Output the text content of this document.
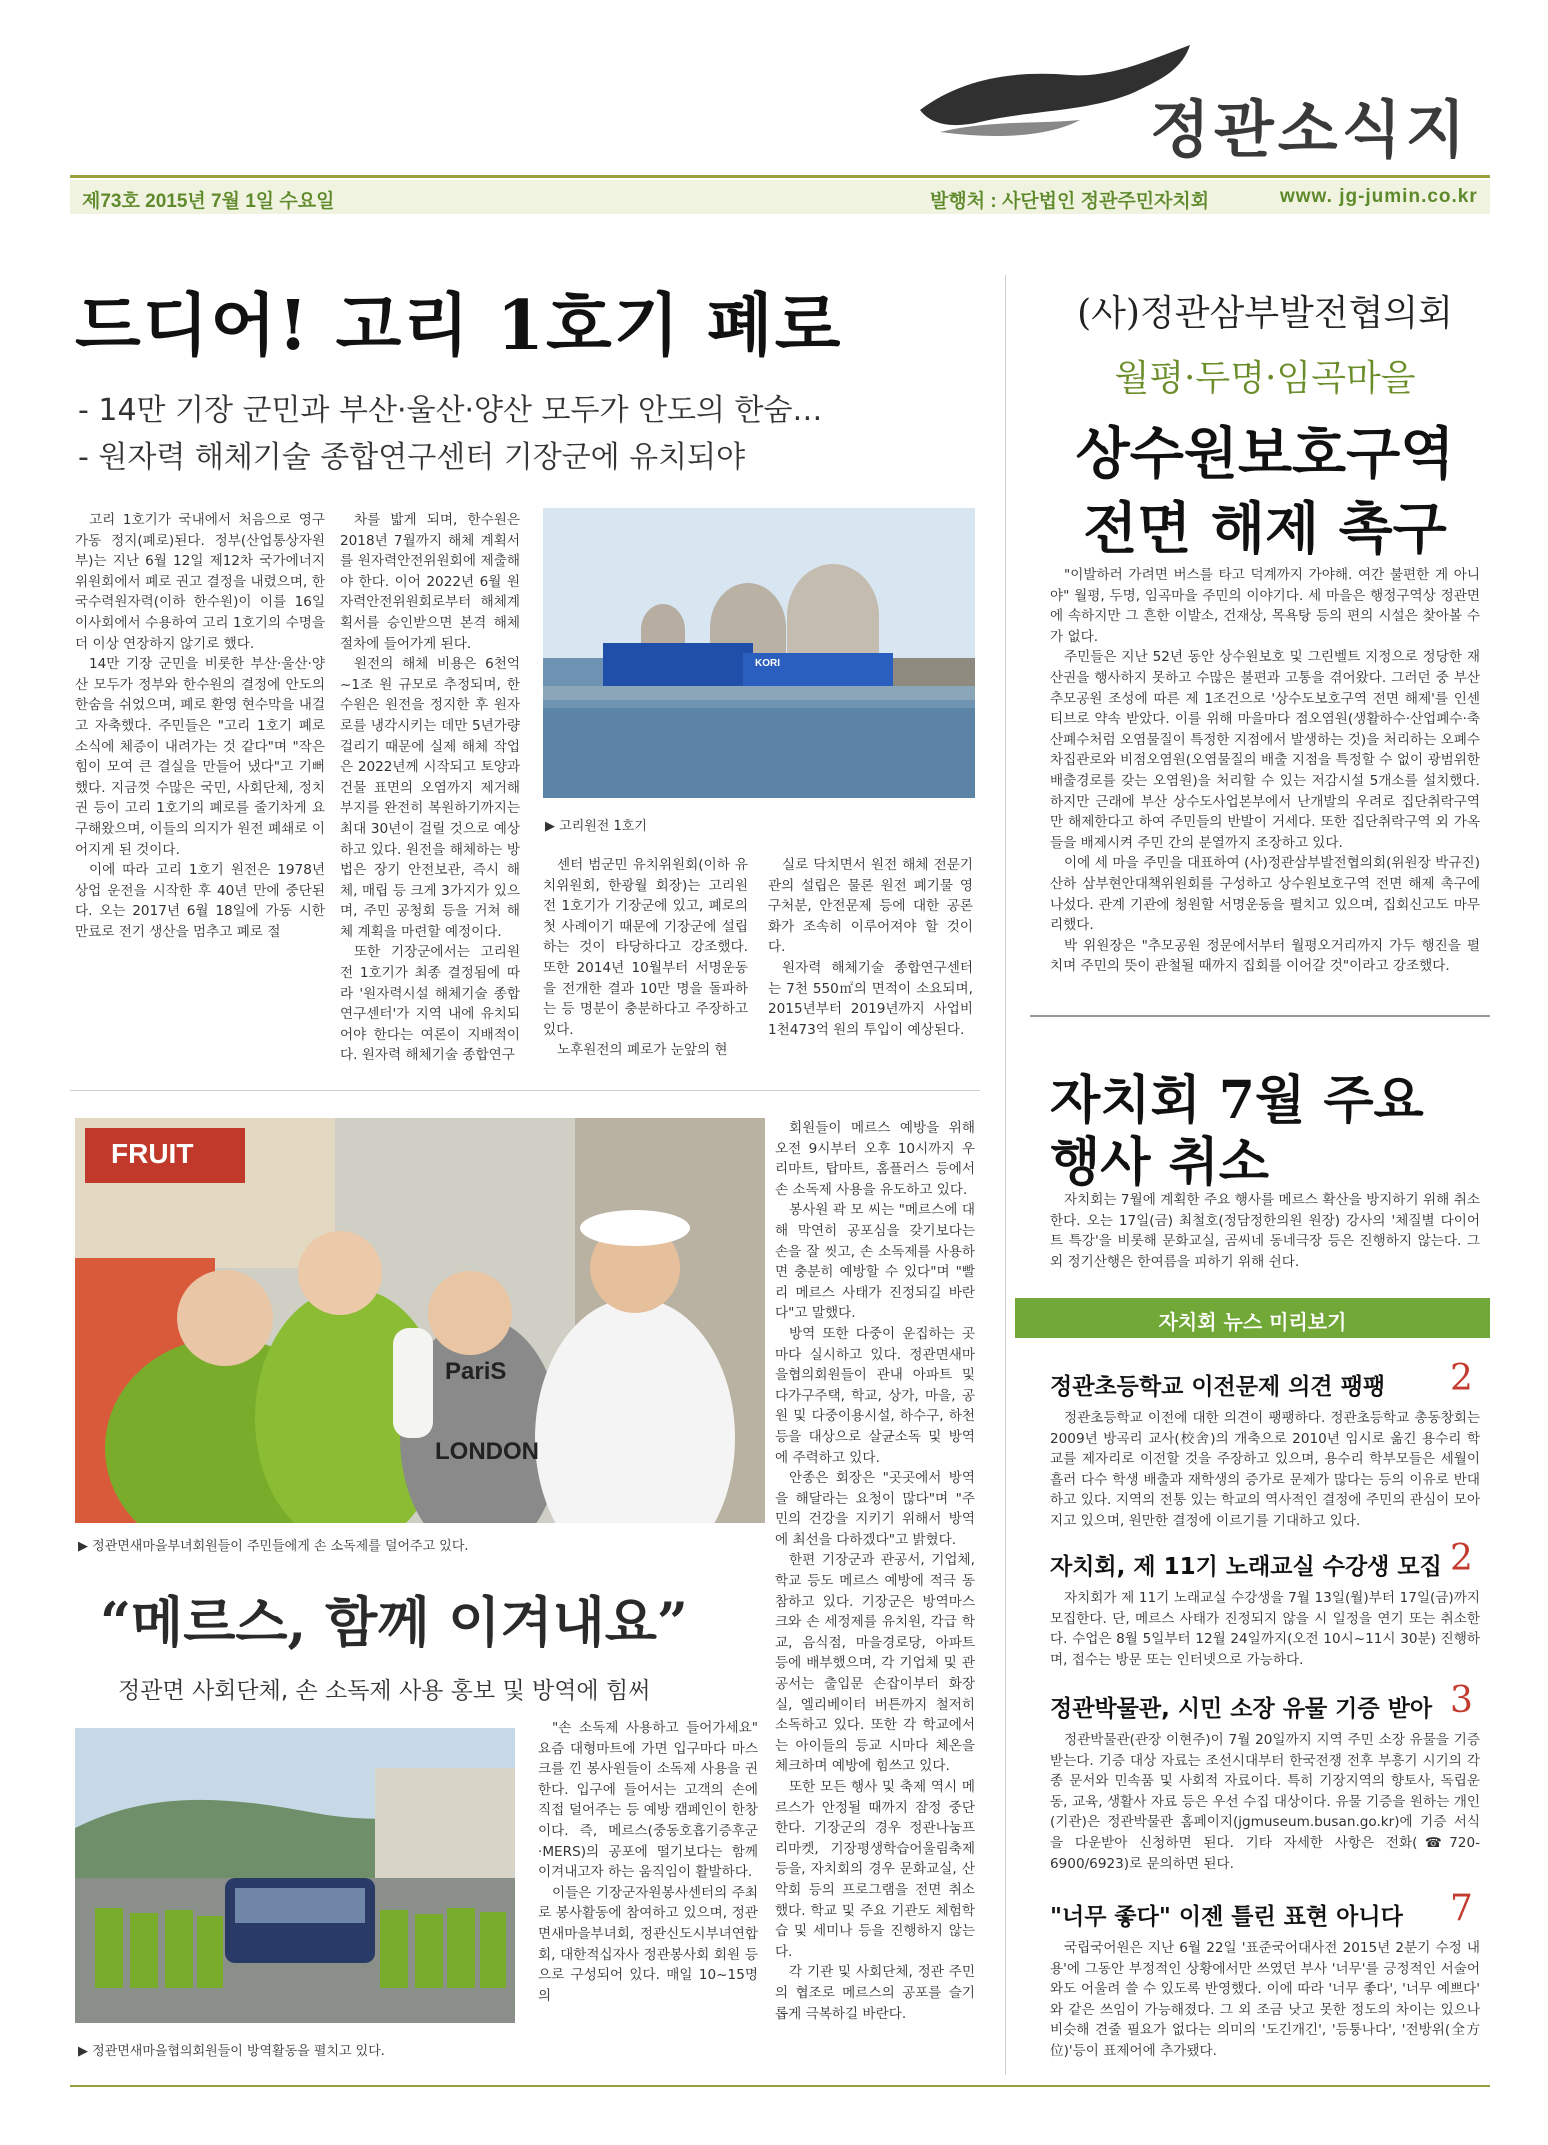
정관소식지
제73호 2015년 7월 1일 수요일	발행처 : 사단법인 정관주민자치회	www. jg-jumin.co.kr
드디어! 고리 1호기 폐로
- 14만 기장 군민과 부산·울산·양산 모두가 안도의 한숨…
- 원자력 해체기술 종합연구센터 기장군에 유치되야

고리 1호기가 국내에서 처음으로 영구 가동 정지(폐로)된다. 정부(산업통상자원부)는 지난 6월 12일 제12차 국가에너지위원회에서 폐로 권고 결정을 내렸으며, 한국수력원자력(이하 한수원)이 이를 16일 이사회에서 수용하여 고리 1호기의 수명을 더 이상 연장하지 않기로 했다.

14만 기장 군민을 비롯한 부산·울산·양산 모두가 정부와 한수원의 결정에 안도의 한숨을 쉬었으며, 폐로 환영 현수막을 내걸고 자축했다. 주민들은 "고리 1호기 폐로 소식에 체증이 내려가는 것 같다"며 "작은 힘이 모여 큰 결실을 만들어 냈다"고 기뻐했다. 지금껏 수많은 국민, 사회단체, 정치권 등이 고리 1호기의 폐로를 줄기차게 요구해왔으며, 이들의 의지가 원전 폐쇄로 이어지게 된 것이다.

이에 따라 고리 1호기 원전은 1978년 상업 운전을 시작한 후 40년 만에 중단된다. 오는 2017년 6월 18일에 가동 시한 만료로 전기 생산을 멈추고 폐로 절

차를 밟게 되며, 한수원은 2018년 7월까지 해체 계획서를 원자력안전위원회에 제출해야 한다. 이어 2022년 6월 원자력안전위원회로부터 해체계획서를 승인받으면 본격 해체 절차에 들어가게 된다.

원전의 해체 비용은 6천억~1조 원 규모로 추정되며, 한수원은 원전을 정지한 후 원자로를 냉각시키는 데만 5년가량 걸리기 때문에 실제 해체 작업은 2022년께 시작되고 토양과 건물 표면의 오염까지 제거해 부지를 완전히 복원하기까지는 최대 30년이 걸릴 것으로 예상하고 있다. 원전을 해체하는 방법은 장기 안전보관, 즉시 해체, 매립 등 크게 3가지가 있으며, 주민 공청회 등을 거쳐 해체 계획을 마련할 예정이다.

또한 기장군에서는 고리원전 1호기가 최종 결정됨에 따라 '원자력시설 해체기술 종합연구센터'가 지역 내에 유치되어야 한다는 여론이 지배적이다. 원자력 해체기술 종합연구

KORI
▶ 고리원전 1호기

센터 범군민 유치위원회(이하 유치위원회, 한광월 회장)는 고리원전 1호기가 기장군에 있고, 폐로의 첫 사례이기 때문에 기장군에 설립하는 것이 타당하다고 강조했다. 또한 2014년 10월부터 서명운동을 전개한 결과 10만 명을 돌파하는 등 명분이 충분하다고 주장하고 있다.

노후원전의 폐로가 눈앞의 현

실로 닥치면서 원전 해체 전문기관의 설립은 물론 원전 폐기물 영구처분, 안전문제 등에 대한 공론화가 조속히 이루어져야 할 것이다.

원자력 해체기술 종합연구센터는 7천 550㎡의 면적이 소요되며, 2015년부터 2019년까지 사업비 1천473억 원의 투입이 예상된다.

(사)정관삼부발전협의회
월평·두명·임곡마을
상수원보호구역
전면 해제 촉구

"이발하러 가려면 버스를 타고 덕계까지 가야해. 여간 불편한 게 아니야" 월평, 두명, 임곡마을 주민의 이야기다. 세 마을은 행정구역상 정관면에 속하지만 그 흔한 이발소, 건재상, 목욕탕 등의 편의 시설은 찾아볼 수가 없다.

주민들은 지난 52년 동안 상수원보호 및 그린벨트 지정으로 정당한 재산권을 행사하지 못하고 수많은 불편과 고통을 겪어왔다. 그러던 중 부산추모공원 조성에 따른 제 1조건으로 '상수도보호구역 전면 해제'를 인센티브로 약속 받았다. 이를 위해 마을마다 점오염원(생활하수·산업폐수·축산폐수처럼 오염물질이 특정한 지점에서 발생하는 것)을 처리하는 오폐수 차집관로와 비점오염원(오염물질의 배출 지점을 특정할 수 없이 광범위한 배출경로를 갖는 오염원)을 처리할 수 있는 저감시설 5개소를 설치했다. 하지만 근래에 부산 상수도사업본부에서 난개발의 우려로 집단취락구역만 해제한다고 하여 주민들의 반발이 거세다. 또한 집단취락구역 외 가옥들을 배제시켜 주민 간의 분열까지 조장하고 있다.

이에 세 마을 주민을 대표하여 (사)정관삼부발전협의회(위원장 박규진) 산하 삼부현안대책위원회를 구성하고 상수원보호구역 전면 해제 촉구에 나섰다. 관계 기관에 청원할 서명운동을 펼치고 있으며, 집회신고도 마무리했다.

박 위원장은 "추모공원 정문에서부터 월평오거리까지 가두 행진을 펼치며 주민의 뜻이 관철될 때까지 집회를 이어갈 것"이라고 강조했다.

자치회 7월 주요
행사 취소

자치회는 7월에 계획한 주요 행사를 메르스 확산을 방지하기 위해 취소한다. 오는 17일(금) 최철호(정담정한의원 원장) 강사의 '체질별 다이어트 특강'을 비롯해 문화교실, 곰씨네 동네극장 등은 진행하지 않는다. 그 외 정기산행은 한여름을 피하기 위해 쉰다.

자치회 뉴스 미리보기
정관초등학교 이전문제 의견 팽팽 2

정관초등학교 이전에 대한 의견이 팽팽하다. 정관초등학교 총동창회는 2009년 방곡리 교사(校舍)의 개축으로 2010년 임시로 옮긴 용수리 학교를 제자리로 이전할 것을 주장하고 있으며, 용수리 학부모들은 세월이 흘러 다수 학생 배출과 재학생의 증가로 문제가 많다는 등의 이유로 반대하고 있다. 지역의 전통 있는 학교의 역사적인 결정에 주민의 관심이 모아지고 있으며, 원만한 결정에 이르기를 기대하고 있다.

자치회, 제 11기 노래교실 수강생 모집 2

자치회가 제 11기 노래교실 수강생을 7월 13일(월)부터 17일(금)까지 모집한다. 단, 메르스 사태가 진정되지 않을 시 일정을 연기 또는 취소한다. 수업은 8월 5일부터 12월 24일까지(오전 10시~11시 30분) 진행하며, 접수는 방문 또는 인터넷으로 가능하다.

정관박물관, 시민 소장 유물 기증 받아 3

정관박물관(관장 이현주)이 7월 20일까지 지역 주민 소장 유물을 기증받는다. 기증 대상 자료는 조선시대부터 한국전쟁 전후 부흥기 시기의 각종 문서와 민속품 및 사회적 자료이다. 특히 기장지역의 향토사, 독립운동, 교육, 생활사 자료 등은 우선 수집 대상이다. 유물 기증을 원하는 개인(기관)은 정관박물관 홈페이지(jgmuseum.busan.go.kr)에 기증 서식을 다운받아 신청하면 된다. 기타 자세한 사항은 전화(☎720-6900/6923)로 문의하면 된다.

"너무 좋다" 이젠 틀린 표현 아니다 7

국립국어원은 지난 6월 22일 '표준국어대사전 2015년 2분기 수정 내용'에 그동안 부정적인 상황에서만 쓰였던 부사 '너무'를 긍정적인 서술어와도 어울려 쓸 수 있도록 반영했다. 이에 따라 '너무 좋다', '너무 예쁘다' 와 같은 쓰임이 가능해졌다. 그 외 조금 낫고 못한 정도의 차이는 있으나 비슷해 견줄 필요가 없다는 의미의 '도긴개긴', '등퉁나다', '전방위(全方位)'등이 표제어에 추가됐다.

FRUIT
PariS
LONDON
▶ 정관면새마을부녀회원들이 주민들에게 손 소독제를 덜어주고 있다.
“메르스, 함께 이겨내요”
정관면 사회단체, 손 소독제 사용 홍보 및 방역에 힘써
▶ 정관면새마을협의회원들이 방역활동을 펼치고 있다.

"손 소독제 사용하고 들어가세요" 요즘 대형마트에 가면 입구마다 마스크를 낀 봉사원들이 소독제 사용을 권한다. 입구에 들어서는 고객의 손에 직접 덜어주는 등 예방 캠페인이 한창이다. 즉, 메르스(중동호흡기증후군·MERS)의 공포에 떨기보다는 함께 이겨내고자 하는 움직임이 활발하다.

이들은 기장군자원봉사센터의 주최로 봉사활동에 참여하고 있으며, 정관면새마을부녀회, 정관신도시부녀연합회, 대한적십자사 정관봉사회 회원 등으로 구성되어 있다. 매일 10~15명의

회원들이 메르스 예방을 위해 오전 9시부터 오후 10시까지 우리마트, 탑마트, 홈플러스 등에서 손 소독제 사용을 유도하고 있다.

봉사원 곽 모 씨는 "메르스에 대해 막연히 공포심을 갖기보다는 손을 잘 씻고, 손 소독제를 사용하면 충분히 예방할 수 있다"며 "빨리 메르스 사태가 진정되길 바란다"고 말했다.

방역 또한 다중이 운집하는 곳마다 실시하고 있다. 정관면새마을협의회원들이 관내 아파트 및 다가구주택, 학교, 상가, 마을, 공원 및 다중이용시설, 하수구, 하천 등을 대상으로 살균소독 및 방역에 주력하고 있다.

안종은 회장은 "곳곳에서 방역을 해달라는 요청이 많다"며 "주민의 건강을 지키기 위해서 방역에 최선을 다하겠다"고 밝혔다.

한편 기장군과 관공서, 기업체, 학교 등도 메르스 예방에 적극 동참하고 있다. 기장군은 방역마스크와 손 세정제를 유치원, 각급 학교, 음식점, 마을경로당, 아파트 등에 배부했으며, 각 기업체 및 관공서는 출입문 손잡이부터 화장실, 엘리베이터 버튼까지 철저히 소독하고 있다. 또한 각 학교에서는 아이들의 등교 시마다 체온을 체크하며 예방에 힘쓰고 있다.

또한 모든 행사 및 축제 역시 메르스가 안정될 때까지 잠정 중단한다. 기장군의 경우 정관나눔프리마켓, 기장평생학습어울림축제 등을, 자치회의 경우 문화교실, 산악회 등의 프로그램을 전면 취소했다. 학교 및 주요 기관도 체험학습 및 세미나 등을 진행하지 않는다.

각 기관 및 사회단체, 정관 주민의 협조로 메르스의 공포를 슬기롭게 극복하길 바란다.
